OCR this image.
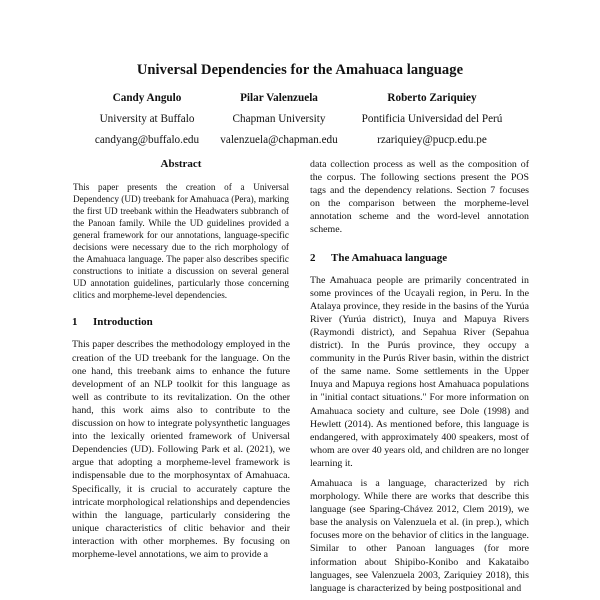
Universal Dependencies for the Amahuaca language
Candy Angulo
University at Buffalo
candyang@buffalo.edu
Pilar Valenzuela
Chapman University
valenzuela@chapman.edu
Roberto Zariquiey
Pontificia Universidad del Perú
rzariquiey@pucp.edu.pe
Abstract

This paper presents the creation of a Universal Dependency (UD) treebank for Amahuaca (Pera), marking the first UD treebank within the Headwaters subbranch of the Panoan family. While the UD guidelines provided a general framework for our annotations, language-specific decisions were necessary due to the rich morphology of the Amahuaca language. The paper also describes specific constructions to initiate a discussion on several general UD annotation guidelines, particularly those concerning clitics and morpheme-level dependencies.

1 Introduction

This paper describes the methodology employed in the creation of the UD treebank for the language. On the one hand, this treebank aims to enhance the future development of an NLP toolkit for this language as well as contribute to its revitalization. On the other hand, this work aims also to contribute to the discussion on how to integrate polysynthetic languages into the lexically oriented framework of Universal Dependencies (UD). Following Park et al. (2021), we argue that adopting a morpheme-level framework is indispensable due to the morphosyntax of Amahuaca. Specifically, it is crucial to accurately capture the intricate morphological relationships and dependencies within the language, particularly considering the unique characteristics of clitic behavior and their interaction with other morphemes. By focusing on morpheme-level annotations, we aim to provide a

data collection process as well as the composition of the corpus. The following sections present the POS tags and the dependency relations. Section 7 focuses on the comparison between the morpheme-level annotation scheme and the word-level annotation scheme.

2 The Amahuaca language

The Amahuaca people are primarily concentrated in some provinces of the Ucayali region, in Peru. In the Atalaya province, they reside in the basins of the Yurúa River (Yurúa district), Inuya and Mapuya Rivers (Raymondi district), and Sepahua River (Sepahua district). In the Purús province, they occupy a community in the Purús River basin, within the district of the same name. Some settlements in the Upper Inuya and Mapuya regions host Amahuaca populations in "initial contact situations." For more information on Amahuaca society and culture, see Dole (1998) and Hewlett (2014). As mentioned before, this language is endangered, with approximately 400 speakers, most of whom are over 40 years old, and children are no longer learning it.

Amahuaca is a language, characterized by rich morphology. While there are works that describe this language (see Sparing-Chávez 2012, Clem 2019), we base the analysis on Valenzuela et al. (in prep.), which focuses more on the behavior of clitics in the language. Similar to other Panoan languages (for more information about Shipibo-Konibo and Kakataibo languages, see Valenzuela 2003, Zariquiey 2018), this language is characterized by being postpositional and
